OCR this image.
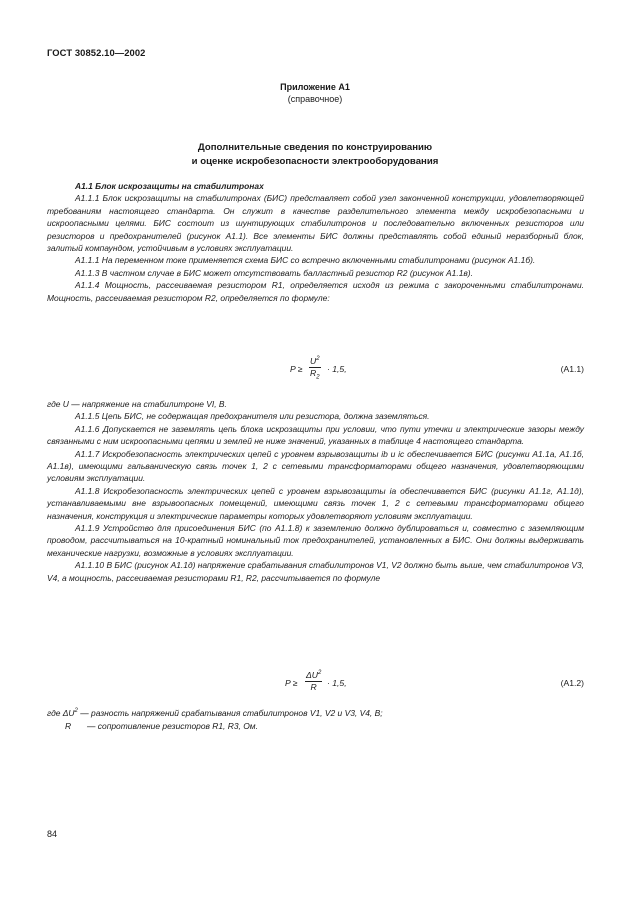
ГОСТ 30852.10—2002
Приложение А1
(справочное)
Дополнительные сведения по конструированию
и оценке искробезопасности электрооборудования

А1.1 Блок искрозащиты на стабилитронах

А1.1.1 Блок искрозащиты на стабилитронах (БИС) представляет собой узел законченной конструкции, удовлетворяющей требованиям настоящего стандарта. Он служит в качестве разделительного элемента между искробезопасными и искроопасными целями. БИС состоит из шунтирующих стабилитронов и последовательно включенных резисторов или резисторов и предохранителей (рисунок А1.1). Все элементы БИС должны представлять собой единый неразборный блок, залитый компаундом, устойчивым в условиях эксплуатации.

А1.1.1 На переменном токе применяется схема БИС со встречно включенными стабилитронами (рисунок А1.1б).

А1.1.3 В частном случае в БИС может отсутствовать балластный резистор R2 (рисунок А1.1в).

А1.1.4 Мощность, рассеиваемая резистором R1, определяется исходя из режима с закороченными стабилитронами. Мощность, рассеиваемая резистором R2, определяется по формуле:

$P \ge \frac{U^2}{R_2} \cdot 1,5$,	(А1.1)

где U — напряжение на стабилитроне VI, В.

А1.1.5 Цепь БИС, не содержащая предохранителя или резистора, должна заземляться.

А1.1.6 Допускается не заземлять цепь блока искрозащиты при условии, что пути утечки и электрические зазоры между связанными с ним искроопасными цепями и землей не ниже значений, указанных в таблице 4 настоящего стандарта.

А1.1.7 Искробезопасность электрических цепей с уровнем взрывозащиты ib и ic обеспечивается БИС (рисунки А1.1а, А1.1б, А1.1в), имеющими гальваническую связь точек 1, 2 с сетевыми трансформаторами общего назначения, удовлетворяющими условиям эксплуатации.

А1.1.8 Искробезопасность электрических цепей с уровнем взрывозащиты ia обеспечивается БИС (рисунки А1.1г, А1.1д), устанавливаемыми вне взрывоопасных помещений, имеющими связь точек 1, 2 с сетевыми трансформаторами общего назначения, конструкция и электрические параметры которых удовлетворяют условиям эксплуатации.

А1.1.9 Устройство для присоединения БИС (по А1.1.8) к заземлению должно дублироваться и, совместно с заземляющим проводом, рассчитываться на 10-кратный номинальный ток предохранителей, установленных в БИС. Они должны выдерживать механические нагрузки, возможные в условиях эксплуатации.

А1.1.10 В БИС (рисунок А1.1д) напряжение срабатывания стабилитронов V1, V2 должно быть выше, чем стабилитронов V3, V4, а мощность, рассеиваемая резисторами R1, R2, рассчитывается по формуле

$P \ge \frac{\Delta U^2}{R} \cdot 1,5$,	(А1.2)
где $\Delta U^2$ — разность напряжений срабатывания стабилитронов V1, V2 и V3, V4, В;
R — сопротивление резисторов R1, R3, Ом.
84
